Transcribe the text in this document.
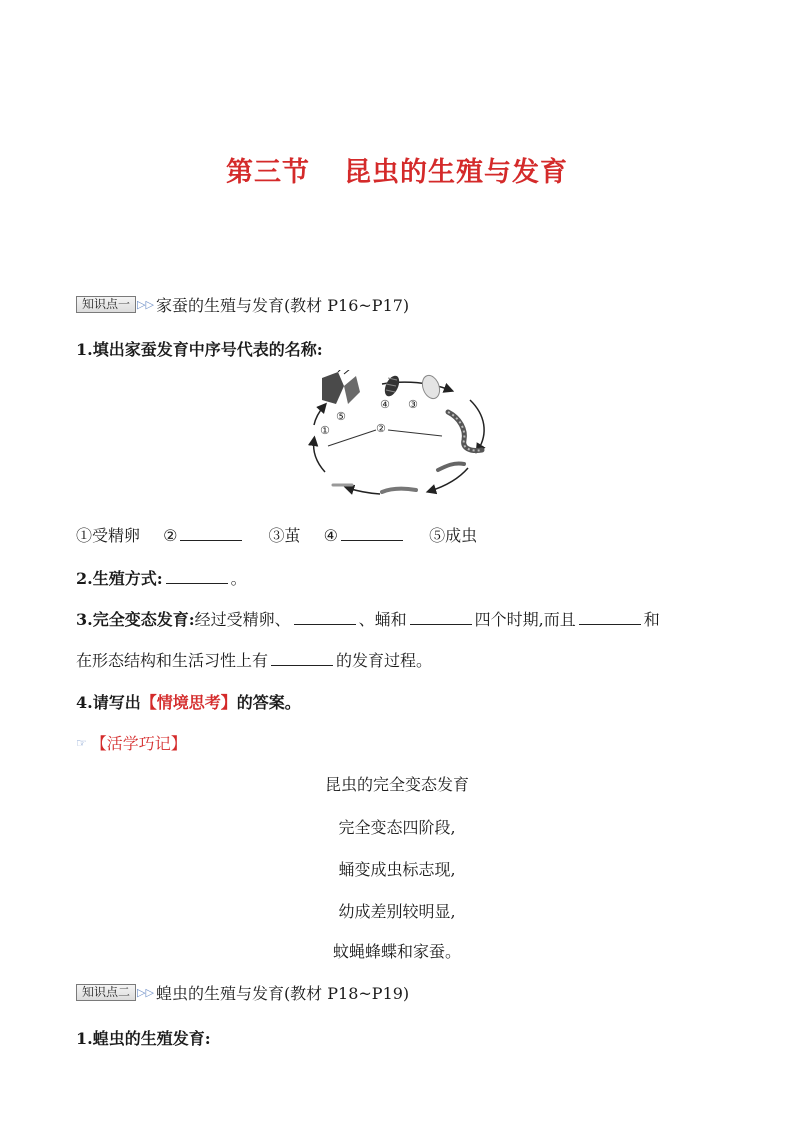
第三节 昆虫的生殖与发育
知识点一 ▷▷ 家蚕的生殖与发育(教材 P16~P17)
1.填出家蚕发育中序号代表的名称:
⑤
①	②
③
④
①受精卵 ②	③茧 ④	⑤成虫
2.生殖方式:	。
3.完全变态发育:经过受精卵、	、蛹和	四个时期,而且	和
在形态结构和生活习性上有	的发育过程。
4.请写出【情境思考】的答案。
☞ 【活学巧记】
昆虫的完全变态发育
完全变态四阶段,
蛹变成虫标志现,
幼成差别较明显,
蚊蝇蜂蝶和家蚕。
知识点二 ▷▷ 蝗虫的生殖与发育(教材 P18~P19)
1.蝗虫的生殖发育:
